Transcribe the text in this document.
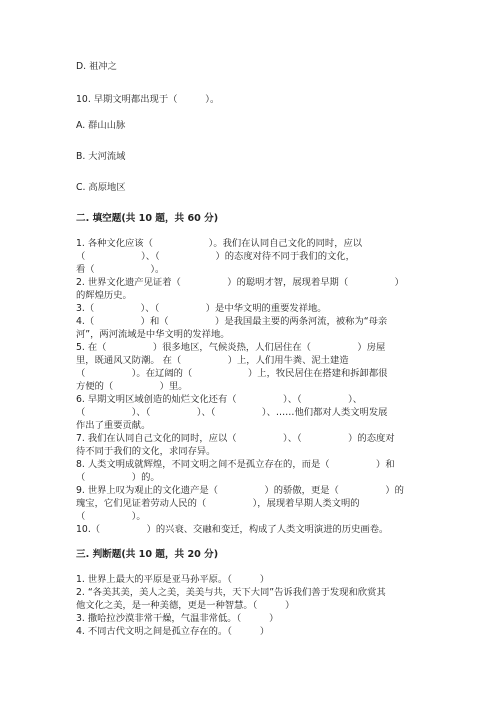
D. 祖冲之
10. 早期文明都出现于（　　　）。
A. 群山山脉
B. 大河流域
C. 高原地区
二. 填空题(共 10 题，共 60 分)
1. 各种文化应该（　　　　　　）。我们在认同自己文化的同时，应以
（　　　　　　）、（　　　　　　）的态度对待不同于我们的文化，
看（　　　　　　）。
2. 世界文化遗产见证着（　　　　　）的聪明才智，展现着早期（　　　　　）
的辉煌历史。
3.（　　　　　）、（　　　　　）是中华文明的重要发祥地。
4.（　　　　　）和（　　　　　）是我国最主要的两条河流，被称为“母亲
河”，两河流域是中华文明的发祥地。
5. 在（　　　　　）很多地区，气候炎热，人们居住在（　　　　　）房屋
里，既通风又防潮。 在（　　　　　）上，人们用牛粪、泥土建造
（　　　　　）。在辽阔的（　　　　　　）上，牧民居住在搭建和拆卸都很
方便的（　　　　　）里。
6. 早期文明区域创造的灿烂文化还有（　　　　　）、（　　　　　）、
（　　　　　）、（　　　　　）、（　　　　　）、……他们都对人类文明发展
作出了重要贡献。
7. 我们在认同自己文化的同时，应以（　　　　　）、（　　　　　）的态度对
待不同于我们的文化，求同存异。
8. 人类文明成就辉煌，不同文明之间不是孤立存在的，而是（　　　　　）和
（　　　　　）的。
9. 世界上叹为观止的文化遗产是（　　　　　）的骄傲，更是（　　　　　）的
瑰宝，它们见证着劳动人民的（　　　　　），展现着早期人类文明的
（　　　　　）。
10.（　　　　　）的兴衰、交融和变迁，构成了人类文明演进的历史画卷。
三. 判断题(共 10 题，共 20 分)
1. 世界上最大的平原是亚马孙平原。（　　　）
2. “各美其美，美人之美，美美与共，天下大同”告诉我们善于发现和欣赏其
他文化之美，是一种美德，更是一种智慧。（　　　）
3. 撒哈拉沙漠非常干燥，气温非常低。（　　　）
4. 不同古代文明之间是孤立存在的。（　　　）
